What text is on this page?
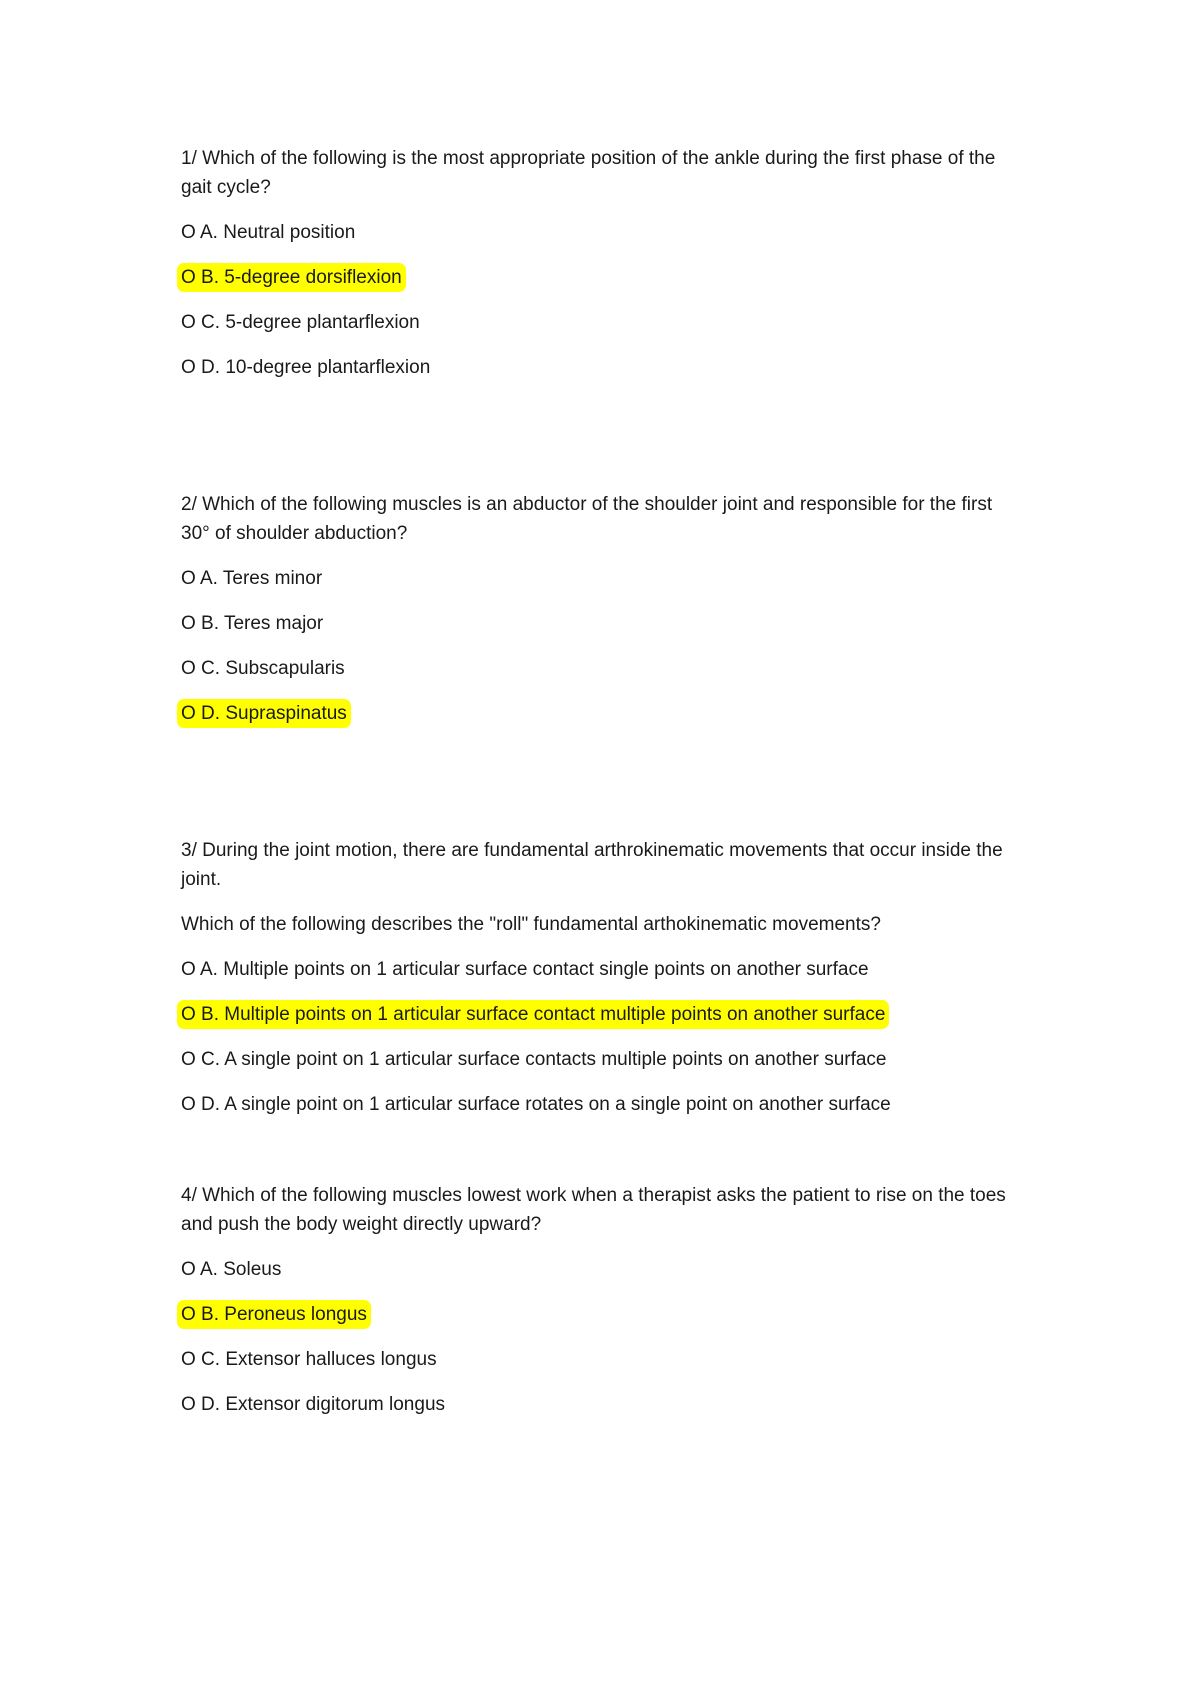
1/ Which of the following is the most appropriate position of the ankle during the first phase of the gait cycle?

O A. Neutral position
O B. 5-degree dorsiflexion
O C. 5-degree plantarflexion
O D. 10-degree plantarflexion

2/ Which of the following muscles is an abductor of the shoulder joint and responsible for the first 30° of shoulder abduction?

O A. Teres minor
O B. Teres major
O C. Subscapularis
O D. Supraspinatus

3/ During the joint motion, there are fundamental arthrokinematic movements that occur inside the joint.

Which of the following describes the "roll" fundamental arthokinematic movements?

O A. Multiple points on 1 articular surface contact single points on another surface
O B. Multiple points on 1 articular surface contact multiple points on another surface
O C. A single point on 1 articular surface contacts multiple points on another surface
O D. A single point on 1 articular surface rotates on a single point on another surface

4/ Which of the following muscles lowest work when a therapist asks the patient to rise on the toes and push the body weight directly upward?

O A. Soleus
O B. Peroneus longus
O C. Extensor halluces longus
O D. Extensor digitorum longus
